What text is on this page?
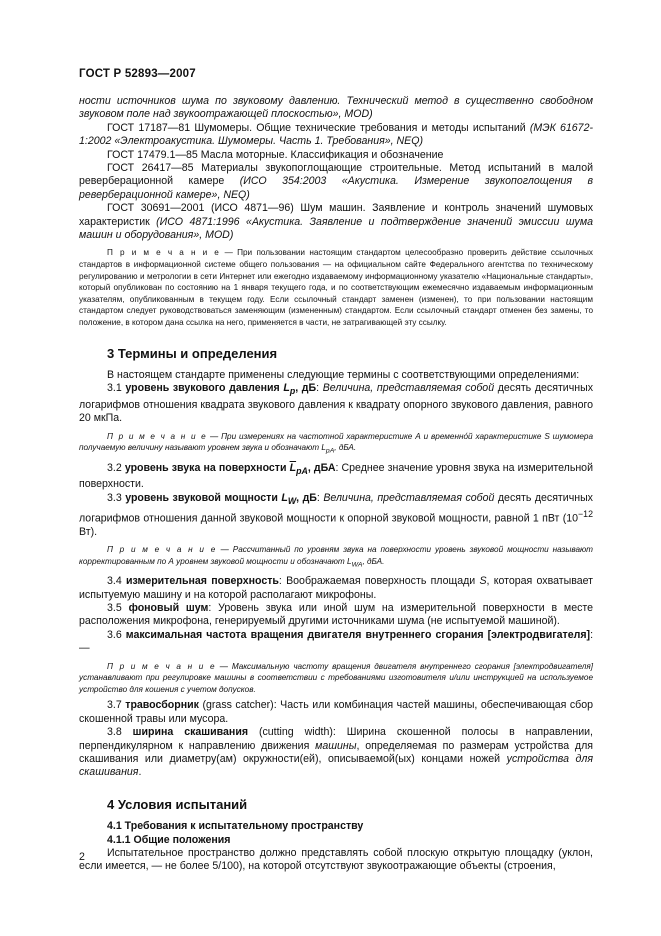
ГОСТ Р 52893—2007

ности источников шума по звуковому давлению. Технический метод в существенно свободном звуковом поле над звукоотражающей плоскостью», MOD)

ГОСТ 17187—81 Шумомеры. Общие технические требования и методы испытаний (МЭК 61672-1:2002 «Электроакустика. Шумомеры. Часть 1. Требования», NEQ)

ГОСТ 17479.1—85 Масла моторные. Классификация и обозначение

ГОСТ 26417—85 Материалы звукопоглощающие строительные. Метод испытаний в малой реверберационной камере (ИСО 354:2003 «Акустика. Измерение звукопоглощения в реверберационной камере», NEQ)

ГОСТ 30691—2001 (ИСО 4871—96) Шум машин. Заявление и контроль значений шумовых характеристик (ИСО 4871:1996 «Акустика. Заявление и подтверждение значений эмиссии шума машин и оборудования», MOD)

П р и м е ч а н и е — При пользовании настоящим стандартом целесообразно проверить действие ссылочных стандартов в информационной системе общего пользования — на официальном сайте Федерального агентства по техническому регулированию и метрологии в сети Интернет или ежегодно издаваемому информационному указателю «Национальные стандарты», который опубликован по состоянию на 1 января текущего года, и по соответствующим ежемесячно издаваемым информационным указателям, опубликованным в текущем году. Если ссылочный стандарт заменен (изменен), то при пользовании настоящим стандартом следует руководствоваться заменяющим (измененным) стандартом. Если ссылочный стандарт отменен без замены, то положение, в котором дана ссылка на него, применяется в части, не затрагивающей эту ссылку.

3 Термины и определения

В настоящем стандарте применены следующие термины с соответствующими определениями:

3.1 уровень звукового давления $L_p$, дБ: Величина, представляемая собой десять десятичных логарифмов отношения квадрата звукового давления к квадрату опорного звукового давления, равного 20 мкПа.

П р и м е ч а н и е — При измерениях на частотной характеристике А и временно́й характеристике S шумомера получаемую величину называют уровнем звука и обозначают $L_{pA}$, дБА.

3.2 уровень звука на поверхности $\overline{L}_{pA}$, дБА: Среднее значение уровня звука на измерительной поверхности.

3.3 уровень звуковой мощности $L_W$, дБ: Величина, представляемая собой десять десятичных логарифмов отношения данной звуковой мощности к опорной звуковой мощности, равной 1 пВт ($10^{-12}$ Вт).

П р и м е ч а н и е — Рассчитанный по уровням звука на поверхности уровень звуковой мощности называют корректированным по А уровнем звуковой мощности и обозначают $L_{WA}$, дБА.

3.4 измерительная поверхность: Воображаемая поверхность площади S, которая охватывает испытуемую машину и на которой располагают микрофоны.

3.5 фоновый шум: Уровень звука или иной шум на измерительной поверхности в месте расположения микрофона, генерируемый другими источниками шума (не испытуемой машиной).

3.6 максимальная частота вращения двигателя внутреннего сгорания [электродвигателя]: —

П р и м е ч а н и е — Максимальную частоту вращения двигателя внутреннего сгорания [электродвигателя] устанавливают при регулировке машины в соответствии с требованиями изготовителя и/или инструкцией на используемое устройство для кошения с учетом допусков.

3.7 травосборник (grass catcher): Часть или комбинация частей машины, обеспечивающая сбор скошенной травы или мусора.

3.8 ширина скашивания (cutting width): Ширина скошенной полосы в направлении, перпендикулярном к направлению движения машины, определяемая по размерам устройства для скашивания или диаметру(ам) окружности(ей), описываемой(ых) концами ножей устройства для скашивания.

4 Условия испытаний

4.1 Требования к испытательному пространству

4.1.1 Общие положения

Испытательное пространство должно представлять собой плоскую открытую площадку (уклон, если имеется, — не более 5/100), на которой отсутствуют звукоотражающие объекты (строения,

2
